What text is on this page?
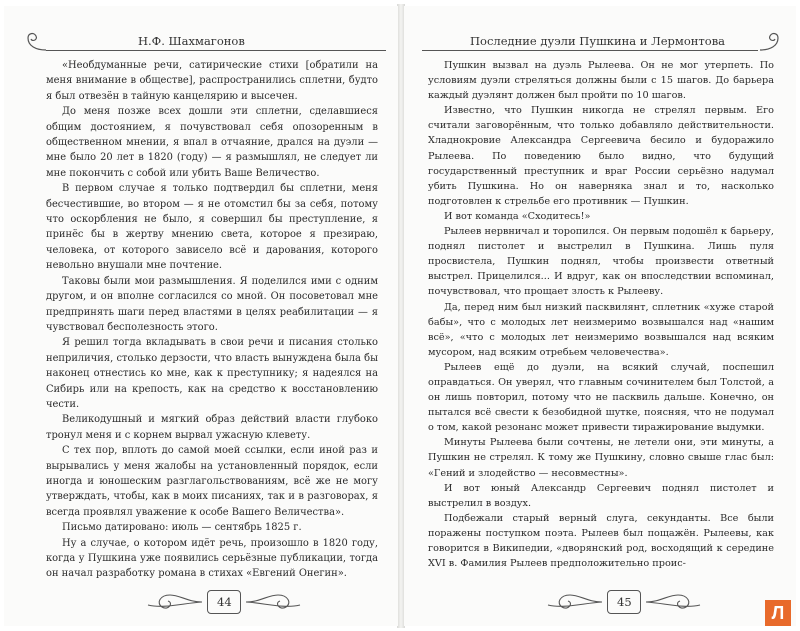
Н.Ф. Шахмагонов

«Необдуманные речи, сатирические стихи [обратили на меня внимание в обществе], распространились сплетни, будто я был отвезён в тайную канцелярию и высечен.

До меня позже всех дошли эти сплетни, сделавшиеся общим достоянием, я почувствовал себя опозоренным в общественном мнении, я впал в отчаяние, дрался на дуэли — мне было 20 лет в 1820 (году) — я размышлял, не следует ли мне покончить с собой или убить Ваше Величество.

В первом случае я только подтвердил бы сплетни, меня бесчестившие, во втором — я не отомстил бы за себя, потому что оскорбления не было, я совершил бы преступление, я принёс бы в жертву мнению света, которое я презираю, человека, от которого зависело всё и дарования, которого невольно внушали мне почтение.

Таковы были мои размышления. Я поделился ими с одним другом, и он вполне согласился со мной. Он посоветовал мне предпринять шаги перед властями в целях реабилитации — я чувствовал бесполезность этого.

Я решил тогда вкладывать в свои речи и писания столько неприличия, столько дерзости, что власть вынуждена была бы наконец отнестись ко мне, как к преступнику; я надеялся на Сибирь или на крепость, как на средство к восстановлению чести.

Великодушный и мягкий образ действий власти глубоко тронул меня и с корнем вырвал ужасную клевету.

С тех пор, вплоть до самой моей ссылки, если иной раз и вырывались у меня жалобы на установленный порядок, если иногда и юношеским разглагольствованиям, всё же не могу утверждать, чтобы, как в моих писаниях, так и в разговорах, я всегда проявлял уважение к особе Вашего Величества».

Письмо датировано: июль — сентябрь 1825 г.

Ну а случае, о котором идёт речь, произошло в 1820 году, когда у Пушкина уже появились серьёзные публикации, тогда он начал разработку романа в стихах «Евгений Онегин».

44
Последние дуэли Пушкина и Лермонтова

Пушкин вызвал на дуэль Рылеева. Он не мог утерпеть. По условиям дуэли стреляться должны были с 15 шагов. До барьера каждый дуэлянт должен был пройти по 10 шагов.

Известно, что Пушкин никогда не стрелял первым. Его считали заговорённым, что только добавляло действительности. Хладнокровие Александра Сергеевича бесило и будоражило Рылеева. По поведению было видно, что будущий государственный преступник и враг России серьёзно надумал убить Пушкина. Но он наверняка знал и то, насколько подготовлен к стрельбе его противник — Пушкин.

И вот команда «Сходитесь!»

Рылеев нервничал и торопился. Он первым подошёл к барьеру, поднял пистолет и выстрелил в Пушкина. Лишь пуля просвистела, Пушкин поднял, чтобы произвести ответный выстрел. Прицелился... И вдруг, как он впоследствии вспоминал, почувствовал, что прощает злость к Рылееву.

Да, перед ним был низкий пасквилянт, сплетник «хуже старой бабы», что с молодых лет неизмеримо возвышался над «нашим всё», «что с молодых лет неизмеримо возвышался над всяким мусором, над всяким отребьем человечества».

Рылеев ещё до дуэли, на всякий случай, поспешил оправдаться. Он уверял, что главным сочинителем был Толстой, а он лишь повторил, потому что не пасквиль дальше. Конечно, он пытался всё свести к безобидной шутке, поясняя, что не подумал о том, какой резонанс может привести тиражирование выдумки.

Минуты Рылеева были сочтены, не летели они, эти минуты, а Пушкин не стрелял. К тому же Пушкину, словно свыше глас был: «Гений и злодейство — несовместны».

И вот юный Александр Сергеевич поднял пистолет и выстрелил в воздух.

Подбежали старый верный слуга, секунданты. Все были поражены поступком поэта. Рылеев был пощажён. Рылеевы, как говорится в Википедии, «дворянский род, восходящий к середине XVI в. Фамилия Рылеев предположительно проис-

45
Л
